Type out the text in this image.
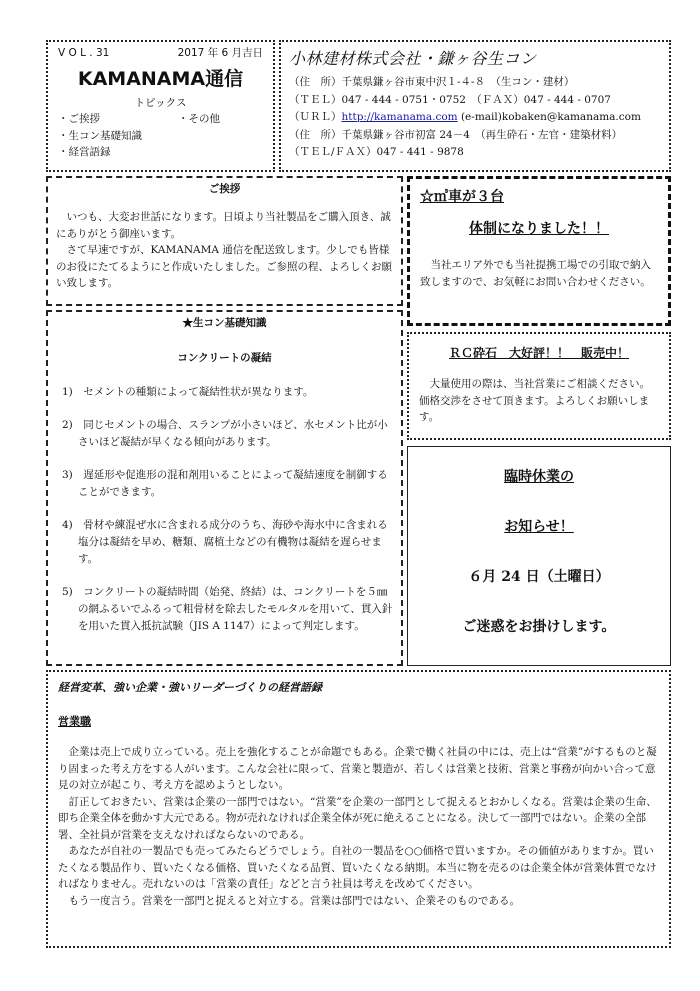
V O L . 31	2017 年 6 月吉日
KAMANAMA通信
トピックス
・ご挨拶
・生コン基礎知識
・経営語録
・その他
小林建材株式会社・鎌ヶ谷生コン
（住　所）千葉県鎌ヶ谷市東中沢１-４-８　（生コン・建材）
（ＴＥＬ）047 - 444 - 0751・0752　（ＦＡＸ）047 - 444 - 0707
（ＵＲＬ）http://kamanama.com (e-mail)kobaken@kamanama.com
（住　所）千葉県鎌ヶ谷市初富 24－4　（再生砕石・左官・建築材料）
（ＴＥＬ/ＦＡＸ）047 - 441 - 9878
ご挨拶

　いつも、大変お世話になります。日頃より当社製品をご購入頂き、誠にありがとう御座います。

　さて早速ですが、KAMANAMA 通信を配送致します。少しでも皆様のお役にたてるようにと作成いたしました。ご参照の程、よろしくお願い致します。

☆㎥車が３台
体制になりました！！

　当社エリア外でも当社提携工場での引取で納入致しますので、お気軽にお問い合わせください。

★生コン基礎知識
コンクリートの凝結
1)　セメントの種類によって凝結性状が異なります。
2)　同じセメントの場合、スランプが小さいほど、水セメント比が小さいほど凝結が早くなる傾向があります。
3)　遅延形や促進形の混和剤用いることによって凝結速度を制御することができます。
4)　骨材や練混ぜ水に含まれる成分のうち、海砂や海水中に含まれる塩分は凝結を早め、糖類、腐植土などの有機物は凝結を遅らせます。
5)　コンクリートの凝結時間（始発、終結）は、コンクリートを５㎜の網ふるいでふるって粗骨材を除去したモルタルを用いて、貫入針を用いた貫入抵抗試験（JIS A 1147）によって判定します。
ＲＣ砕石　大好評！！　販売中！

　大量使用の際は、当社営業にご相談ください。価格交渉をさせて頂きます。よろしくお願いします。

臨時休業の
お知らせ！
６月 24 日（土曜日）
ご迷惑をお掛けします。
経営変革、強い企業・強いリーダーづくりの経営語録
営業職

　企業は売上で成り立っている。売上を強化することが命題でもある。企業で働く社員の中には、売上は“営業”がするものと凝り固まった考え方をする人がいます。こんな会社に限って、営業と製造が、若しくは営業と技術、営業と事務が向かい合って意見の対立が起こり、考え方を認めようとしない。

　訂正しておきたい、営業は企業の一部門ではない。“営業”を企業の一部門として捉えるとおかしくなる。営業は企業の生命、即ち企業全体を動かす大元である。物が売れなければ企業全体が死に絶えることになる。決して一部門ではない。企業の全部署、全社員が営業を支えなければならないのである。

　あなたが自社の一製品でも売ってみたらどうでしょう。自社の一製品を○○価格で買いますか。その価値がありますか。買いたくなる製品作り、買いたくなる価格、買いたくなる品質、買いたくなる納期。本当に物を売るのは企業全体が営業体質でなければなりません。売れないのは「営業の責任」などと言う社員は考えを改めてください。

　もう一度言う。営業を一部門と捉えると対立する。営業は部門ではない、企業そのものである。
